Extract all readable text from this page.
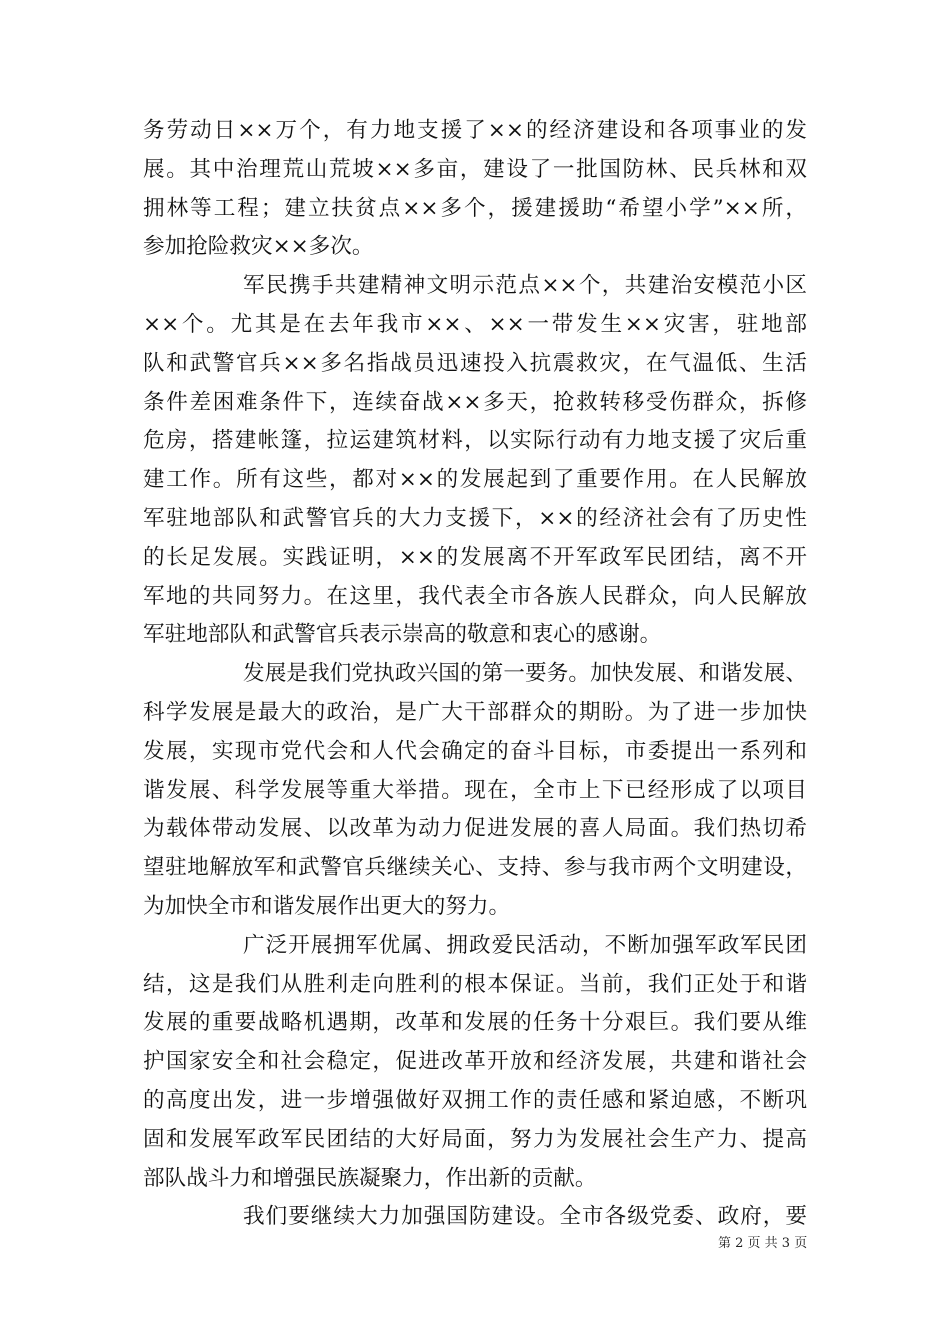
务劳动日××万个，有力地支援了××的经济建设和各项事业的发
展。其中治理荒山荒坡××多亩，建设了一批国防林、民兵林和双
拥林等工程；建立扶贫点××多个，援建援助“希望小学”××所，
参加抢险救灾××多次。
军民携手共建精神文明示范点××个，共建治安模范小区
××个。尤其是在去年我市××、××一带发生××灾害，驻地部
队和武警官兵××多名指战员迅速投入抗震救灾，在气温低、生活
条件差困难条件下，连续奋战××多天，抢救转移受伤群众，拆修
危房，搭建帐篷，拉运建筑材料，以实际行动有力地支援了灾后重
建工作。所有这些，都对××的发展起到了重要作用。在人民解放
军驻地部队和武警官兵的大力支援下，××的经济社会有了历史性
的长足发展。实践证明，××的发展离不开军政军民团结，离不开
军地的共同努力。在这里，我代表全市各族人民群众，向人民解放
军驻地部队和武警官兵表示崇高的敬意和衷心的感谢。
发展是我们党执政兴国的第一要务。加快发展、和谐发展、
科学发展是最大的政治，是广大干部群众的期盼。为了进一步加快
发展，实现市党代会和人代会确定的奋斗目标，市委提出一系列和
谐发展、科学发展等重大举措。现在，全市上下已经形成了以项目
为载体带动发展、以改革为动力促进发展的喜人局面。我们热切希
望驻地解放军和武警官兵继续关心、支持、参与我市两个文明建设，
为加快全市和谐发展作出更大的努力。
广泛开展拥军优属、拥政爱民活动，不断加强军政军民团
结，这是我们从胜利走向胜利的根本保证。当前，我们正处于和谐
发展的重要战略机遇期，改革和发展的任务十分艰巨。我们要从维
护国家安全和社会稳定，促进改革开放和经济发展，共建和谐社会
的高度出发，进一步增强做好双拥工作的责任感和紧迫感，不断巩
固和发展军政军民团结的大好局面，努力为发展社会生产力、提高
部队战斗力和增强民族凝聚力，作出新的贡献。
我们要继续大力加强国防建设。全市各级党委、政府，要
第 2 页 共 3 页
